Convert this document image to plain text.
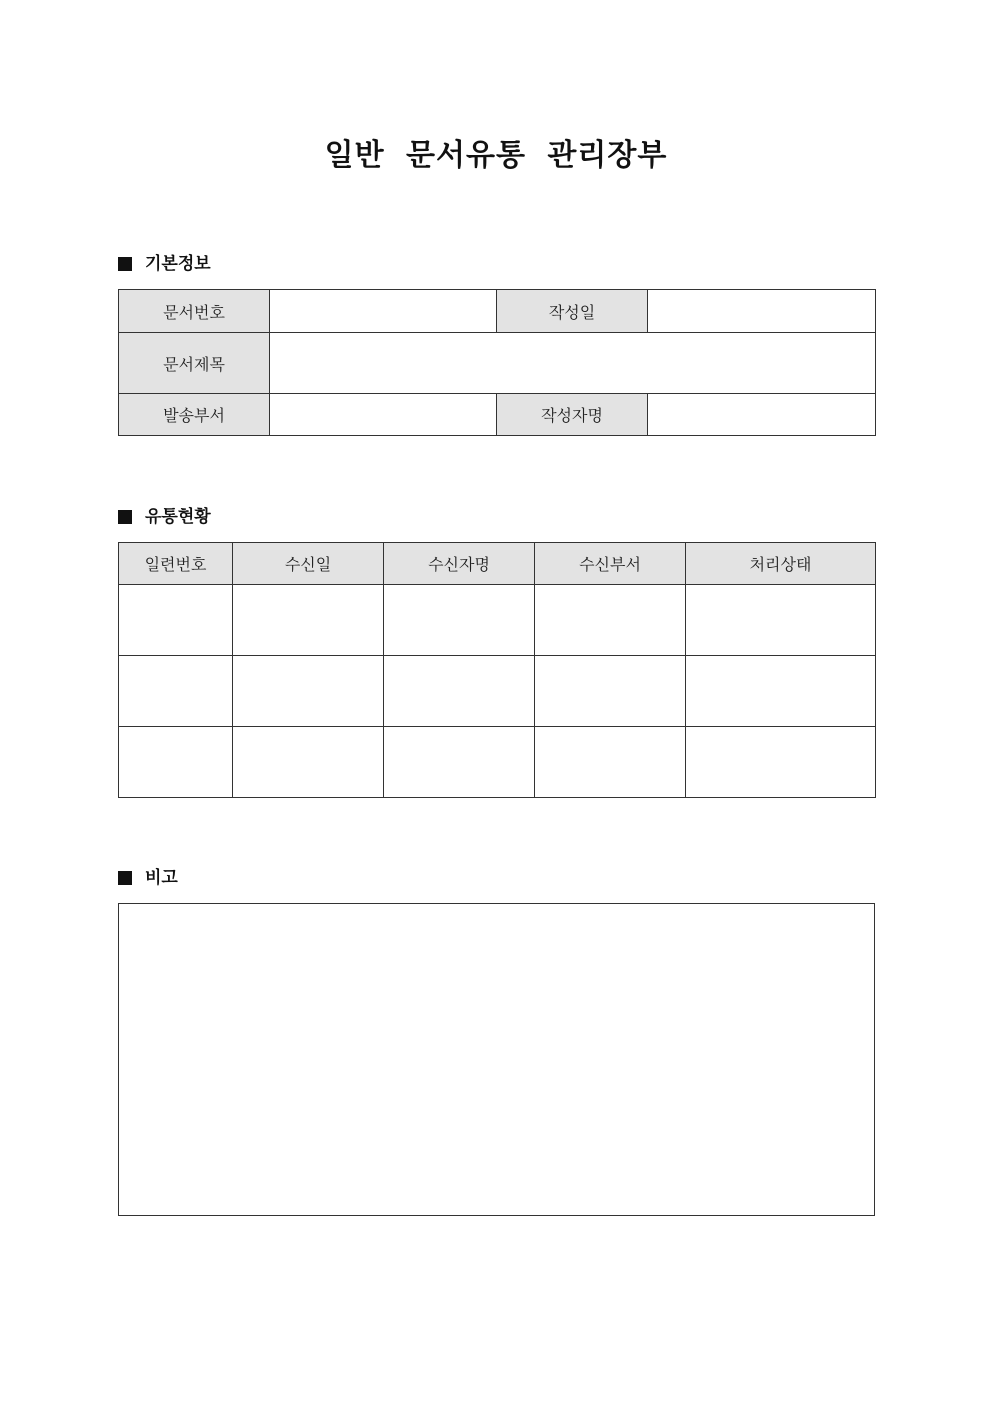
일반 문서유통 관리장부
기본정보
문서번호		작성일	
문서제목			
발송부서		작성자명	
유통현황
일련번호	수신일	수신자명	수신부서	처리상태

비고
